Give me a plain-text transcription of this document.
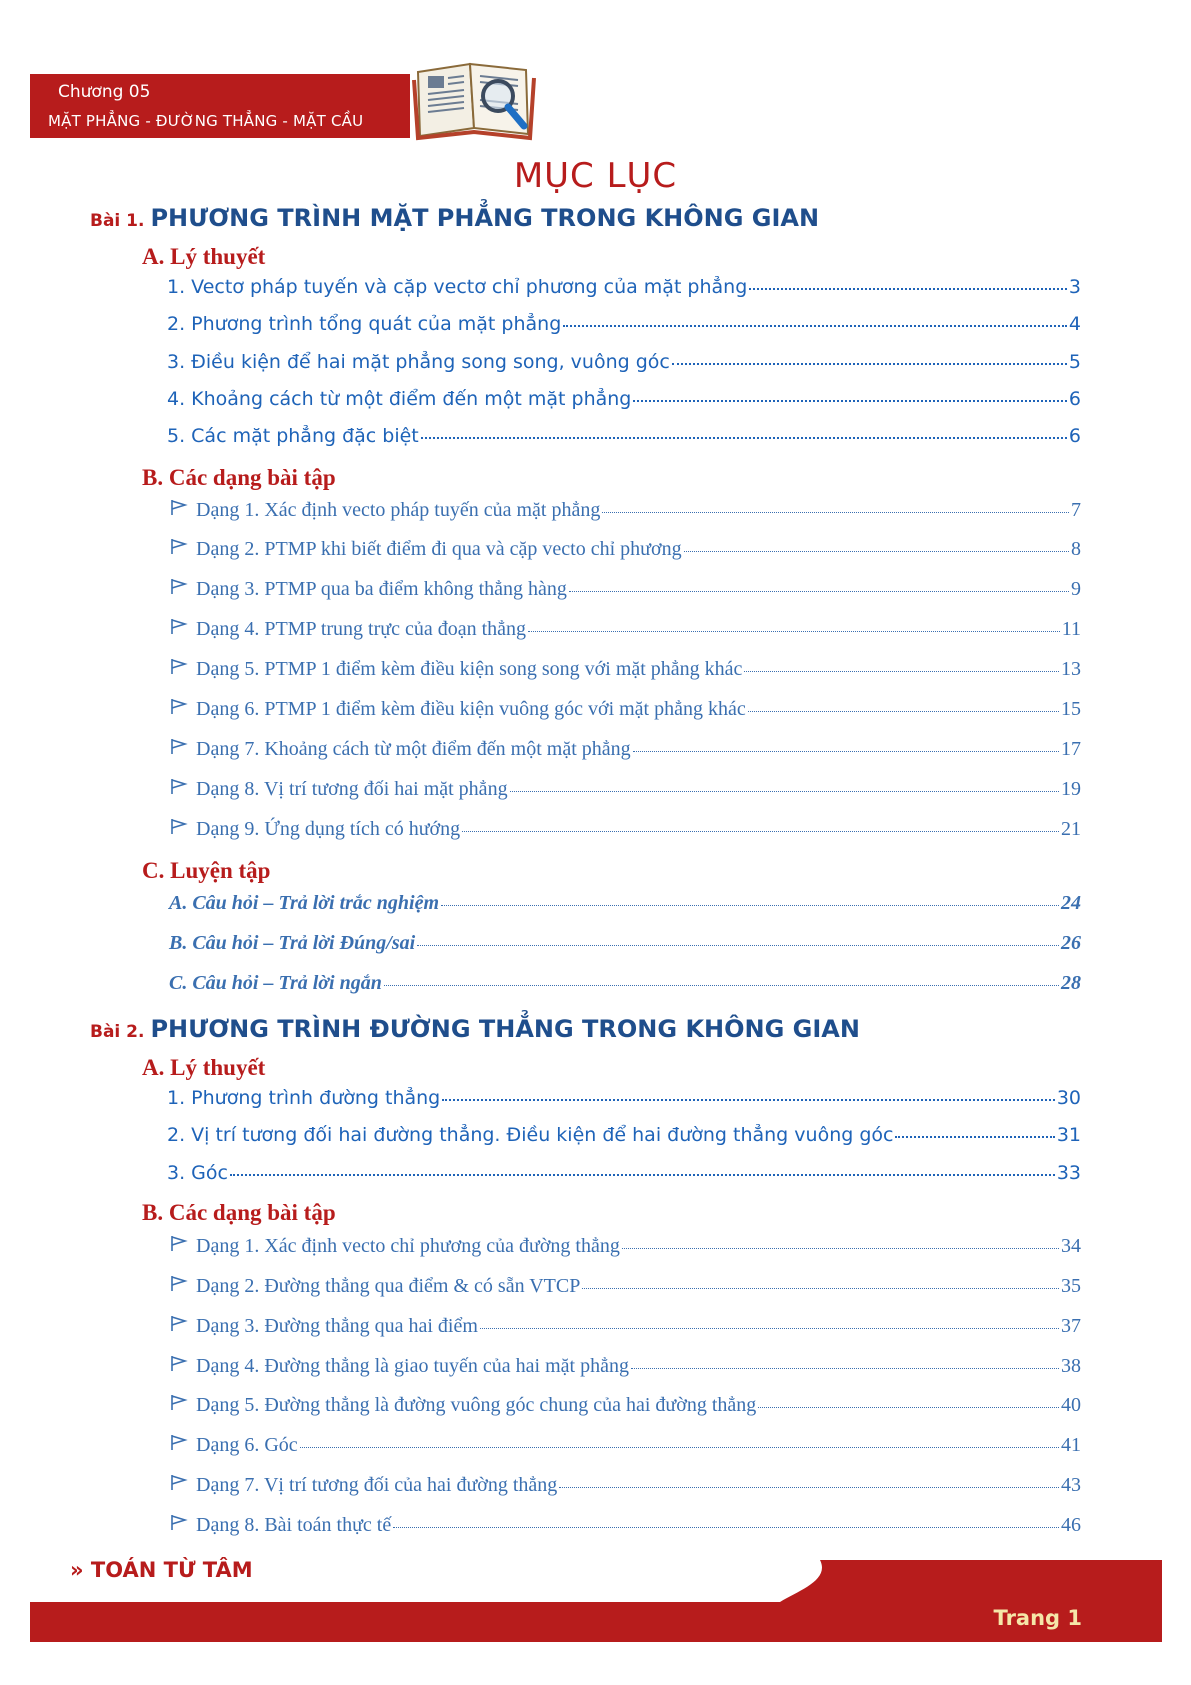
Chương 05
MẶT PHẲNG - ĐƯỜNG THẲNG - MẶT CẦU
MỤC LỤC
Bài 1. PHƯƠNG TRÌNH MẶT PHẲNG TRONG KHÔNG GIAN
A. Lý thuyết
1. Vectơ pháp tuyến và cặp vectơ chỉ phương của mặt phẳng	3
2. Phương trình tổng quát của mặt phẳng	4
3. Điều kiện để hai mặt phẳng song song, vuông góc	5
4. Khoảng cách từ một điểm đến một mặt phẳng	6
5. Các mặt phẳng đặc biệt	6
B. Các dạng bài tập
Dạng 1. Xác định vecto pháp tuyến của mặt phẳng	7
Dạng 2. PTMP khi biết điểm đi qua và cặp vecto chỉ phương	8
Dạng 3. PTMP qua ba điểm không thẳng hàng	9
Dạng 4. PTMP trung trực của đoạn thẳng	11
Dạng 5. PTMP 1 điểm kèm điều kiện song song với mặt phẳng khác	13
Dạng 6. PTMP 1 điểm kèm điều kiện vuông góc với mặt phẳng khác	15
Dạng 7. Khoảng cách từ một điểm đến một mặt phẳng	17
Dạng 8. Vị trí tương đối hai mặt phẳng	19
Dạng 9. Ứng dụng tích có hướng	21
C. Luyện tập
A. Câu hỏi – Trả lời trắc nghiệm	24
B. Câu hỏi – Trả lời Đúng/sai	26
C. Câu hỏi – Trả lời ngắn	28
Bài 2. PHƯƠNG TRÌNH ĐƯỜNG THẲNG TRONG KHÔNG GIAN
A. Lý thuyết
1. Phương trình đường thẳng	30
2. Vị trí tương đối hai đường thẳng. Điều kiện để hai đường thẳng vuông góc	31
3. Góc	33
B. Các dạng bài tập
Dạng 1. Xác định vecto chỉ phương của đường thẳng	34
Dạng 2. Đường thẳng qua điểm & có sẵn VTCP	35
Dạng 3. Đường thẳng qua hai điểm	37
Dạng 4. Đường thẳng là giao tuyến của hai mặt phẳng	38
Dạng 5. Đường thẳng là đường vuông góc chung của hai đường thẳng	40
Dạng 6. Góc	41
Dạng 7. Vị trí tương đối của hai đường thẳng	43
Dạng 8. Bài toán thực tế	46
» TOÁN TỪ TÂM
Trang 1
